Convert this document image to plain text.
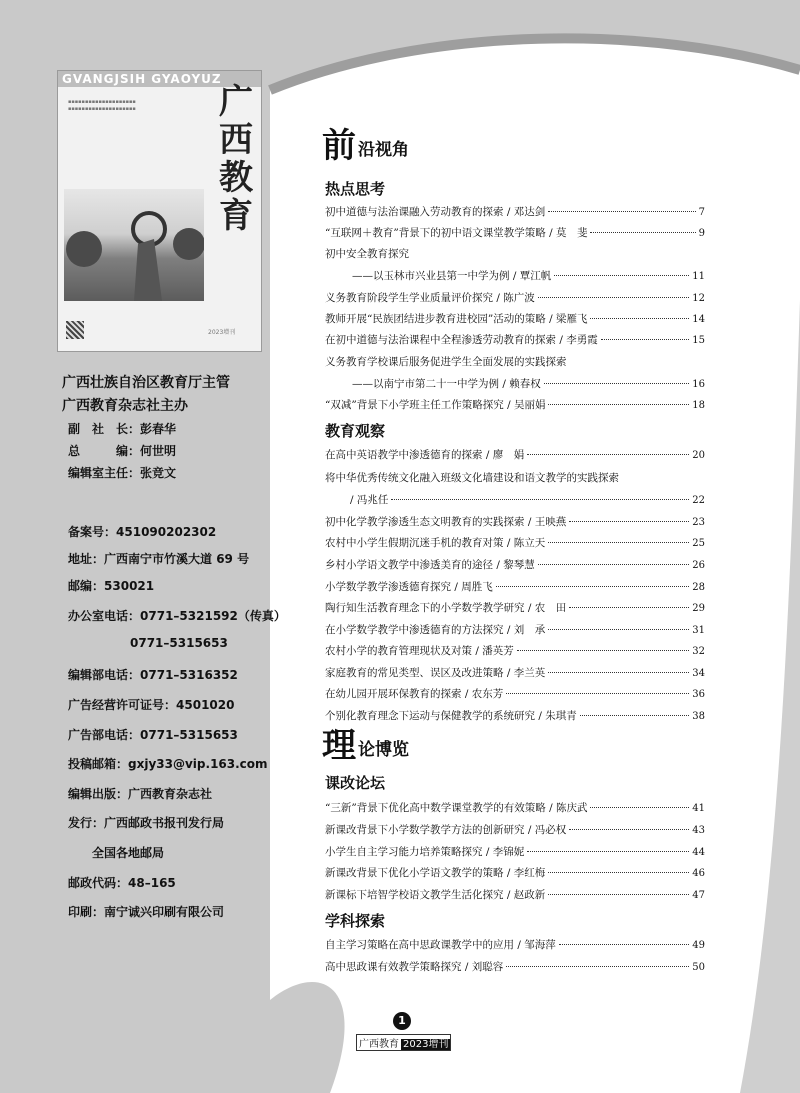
GVANGJSIH GYAOYUZ
广西教育
▪▪▪▪▪▪▪▪▪▪▪▪▪▪▪▪▪▪▪▪
▪▪▪▪▪▪▪▪▪▪▪▪▪▪▪▪▪▪▪▪
2023增刊
广西壮族自治区教育厅主管
广西教育杂志社主办
副　社　长：彭春华
总　　　编：何世明
编辑室主任：张竞文
备案号：451090202302
地址：广西南宁市竹溪大道 69 号
邮编：530021
办公室电话：0771–5321592（传真）
0771–5315653
编辑部电话：0771–5316352
广告经营许可证号：4501020
广告部电话：0771–5315653
投稿邮箱：gxjy33@vip.163.com
编辑出版：广西教育杂志社
发行：广西邮政书报刊发行局
全国各地邮局
邮政代码：48–165
印刷：南宁诚兴印刷有限公司
前 沿视角
热点思考
初中道德与法治课融入劳动教育的探索 / 邓达剑	7
“互联网＋教育”背景下的初中语文课堂教学策略 / 莫　斐	9
初中安全教育探究
——以玉林市兴业县第一中学为例 / 覃江帆	11
义务教育阶段学生学业质量评价探究 / 陈广波	12
教师开展“民族团结进步教育进校园”活动的策略 / 梁雁飞	14
在初中道德与法治课程中全程渗透劳动教育的探索 / 李勇霞	15
义务教育学校课后服务促进学生全面发展的实践探索
——以南宁市第二十一中学为例 / 赖春权	16
“双减”背景下小学班主任工作策略探究 / 吴丽娟	18
教育观察
在高中英语教学中渗透德育的探索 / 廖　娟	20
将中华优秀传统文化融入班级文化墙建设和语文教学的实践探索
/ 冯兆任	22
初中化学教学渗透生态文明教育的实践探索 / 王映燕	23
农村中小学生假期沉迷手机的教育对策 / 陈立天	25
乡村小学语文教学中渗透美育的途径 / 黎琴慧	26
小学数学教学渗透德育探究 / 周胜飞	28
陶行知生活教育理念下的小学数学教学研究 / 农　田	29
在小学数学教学中渗透德育的方法探究 / 刘　承	31
农村小学的教育管理现状及对策 / 潘英芳	32
家庭教育的常见类型、误区及改进策略 / 李兰英	34
在幼儿园开展环保教育的探索 / 农东芳	36
个别化教育理念下运动与保健教学的系统研究 / 朱琪青	38
理 论博览
课改论坛
“三新”背景下优化高中数学课堂教学的有效策略 / 陈庆武	41
新课改背景下小学数学教学方法的创新研究 / 冯必权	43
小学生自主学习能力培养策略探究 / 李锦妮	44
新课改背景下优化小学语文教学的策略 / 李红梅	46
新课标下培智学校语文教学生活化探究 / 赵政新	47
学科探索
自主学习策略在高中思政课教学中的应用 / 邹海萍	49
高中思政课有效教学策略探究 / 刘聪容	50
1
广西教育 2023增刊
